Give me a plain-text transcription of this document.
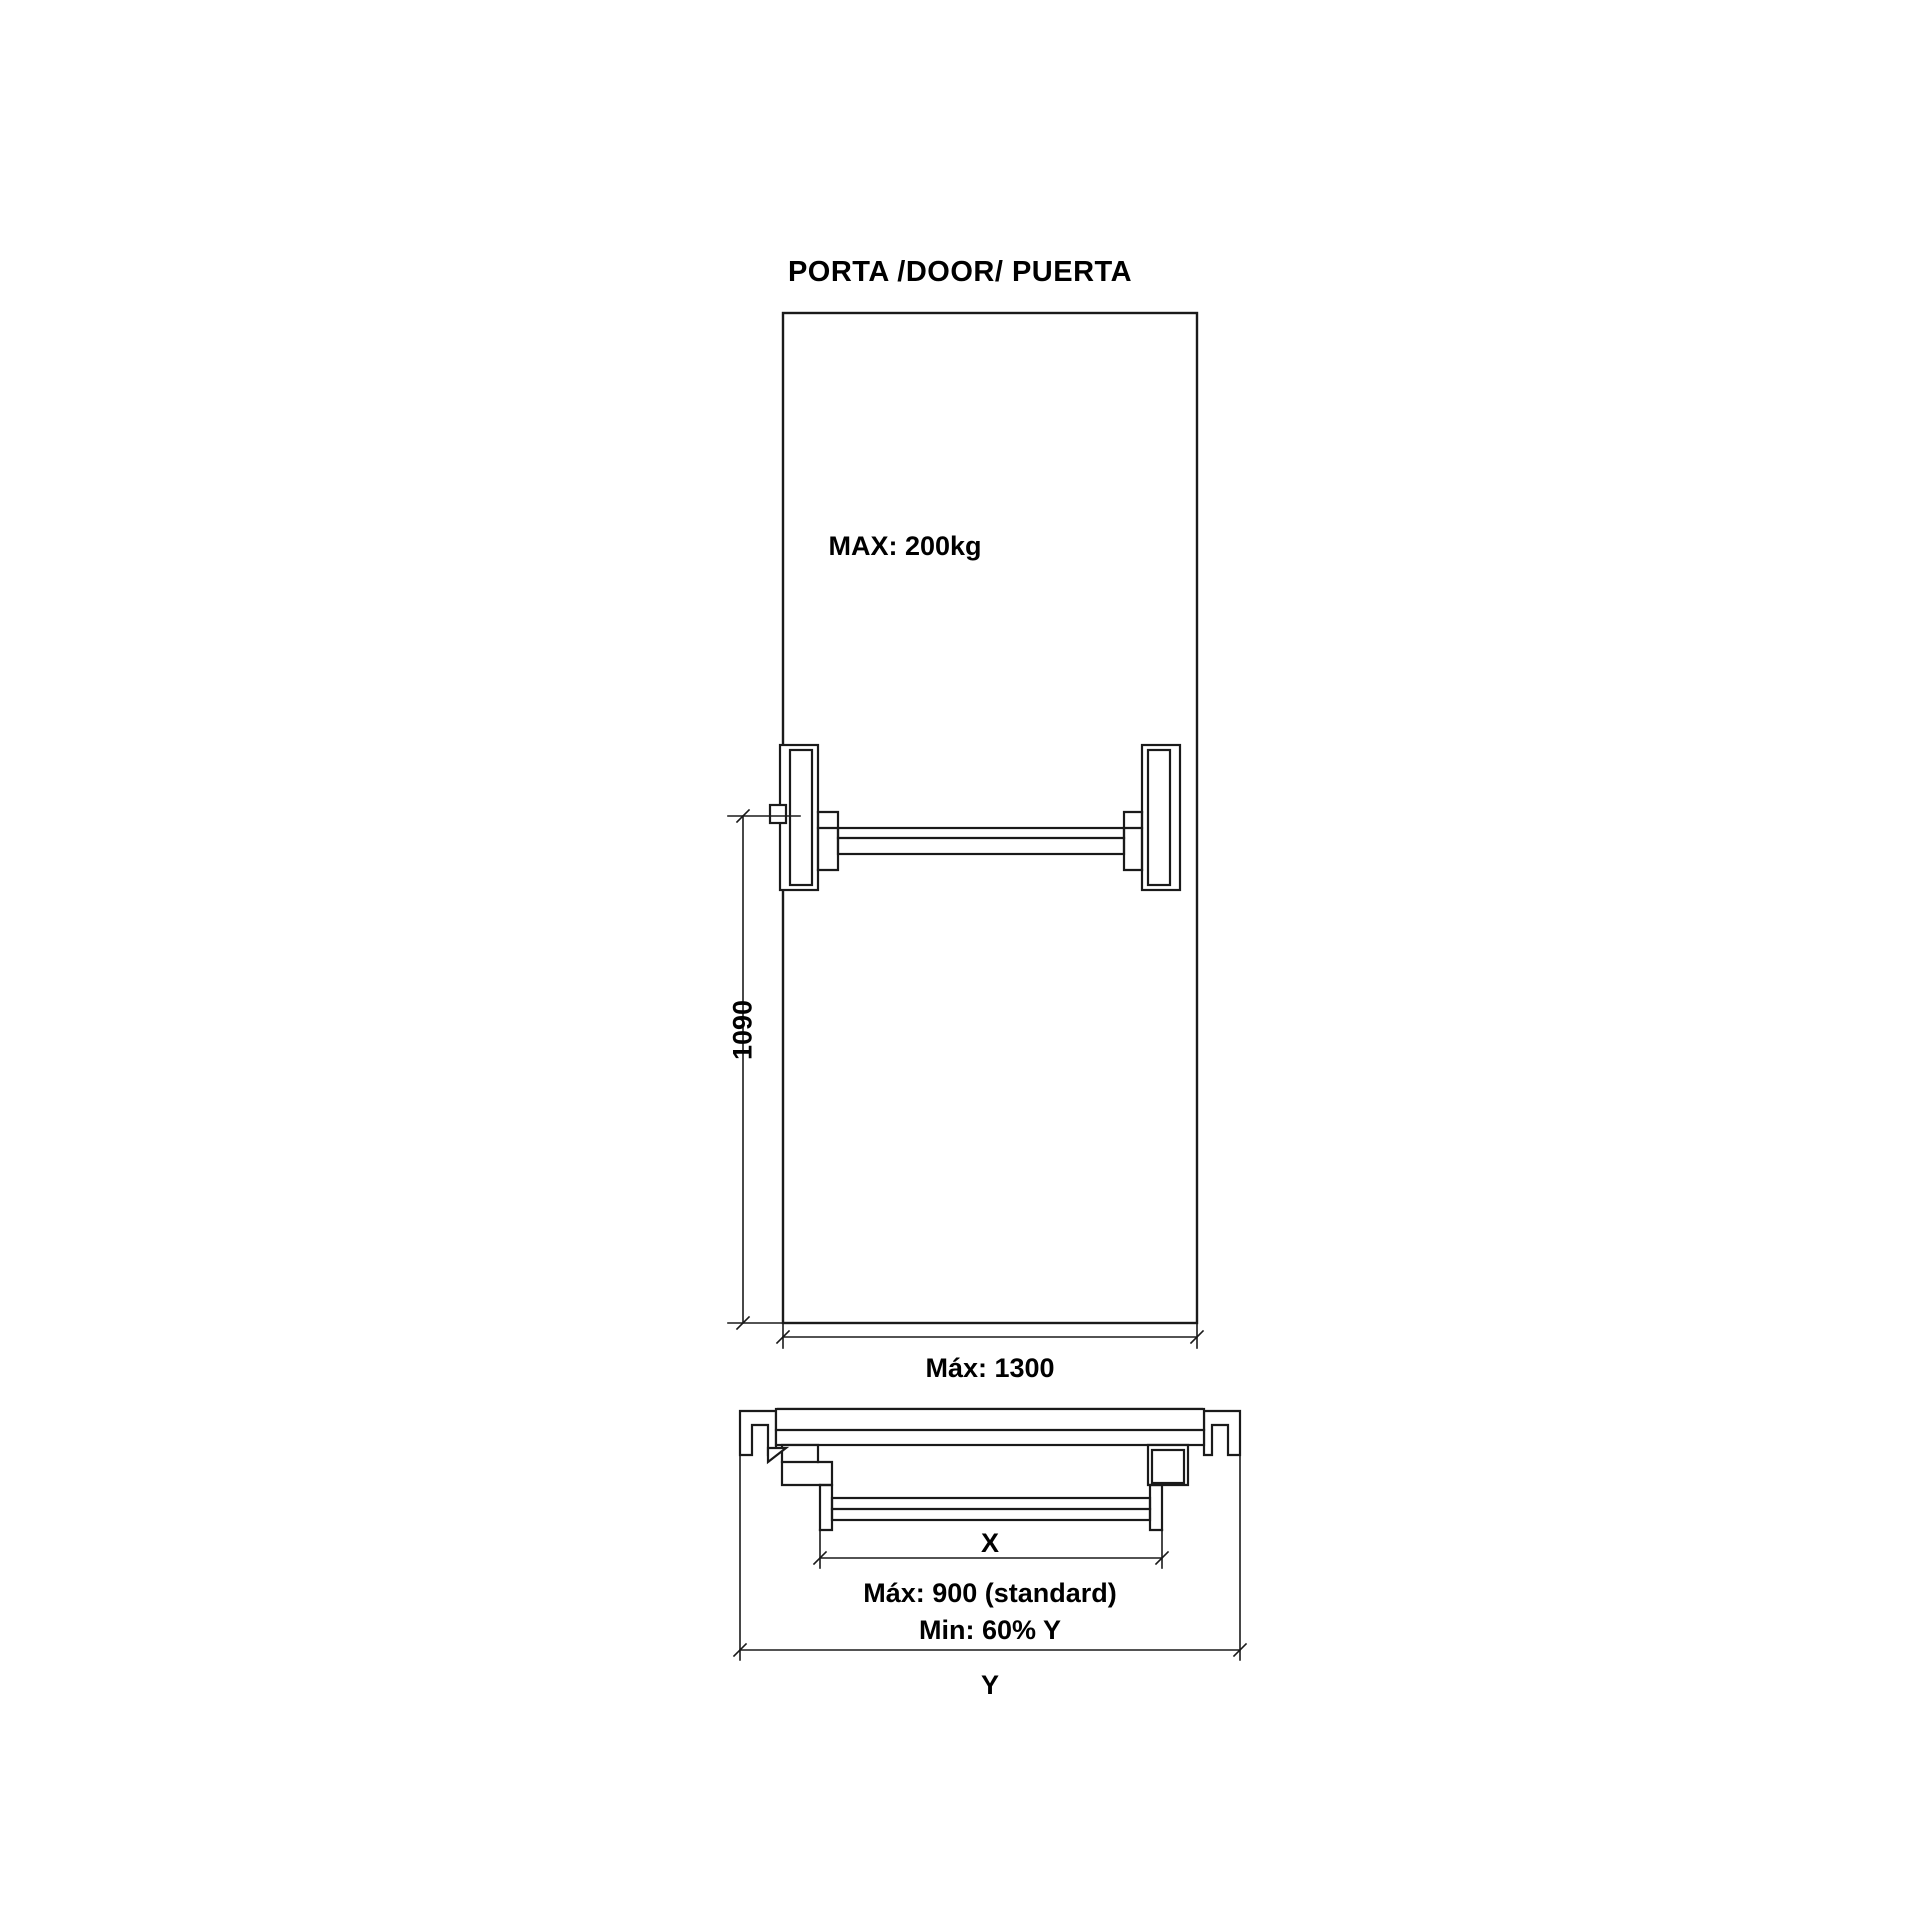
PORTA /DOOR/ PUERTA
MAX: 200kg
1090
Máx: 1300
X
Máx: 900 (standard)
Min: 60% Y
Y
